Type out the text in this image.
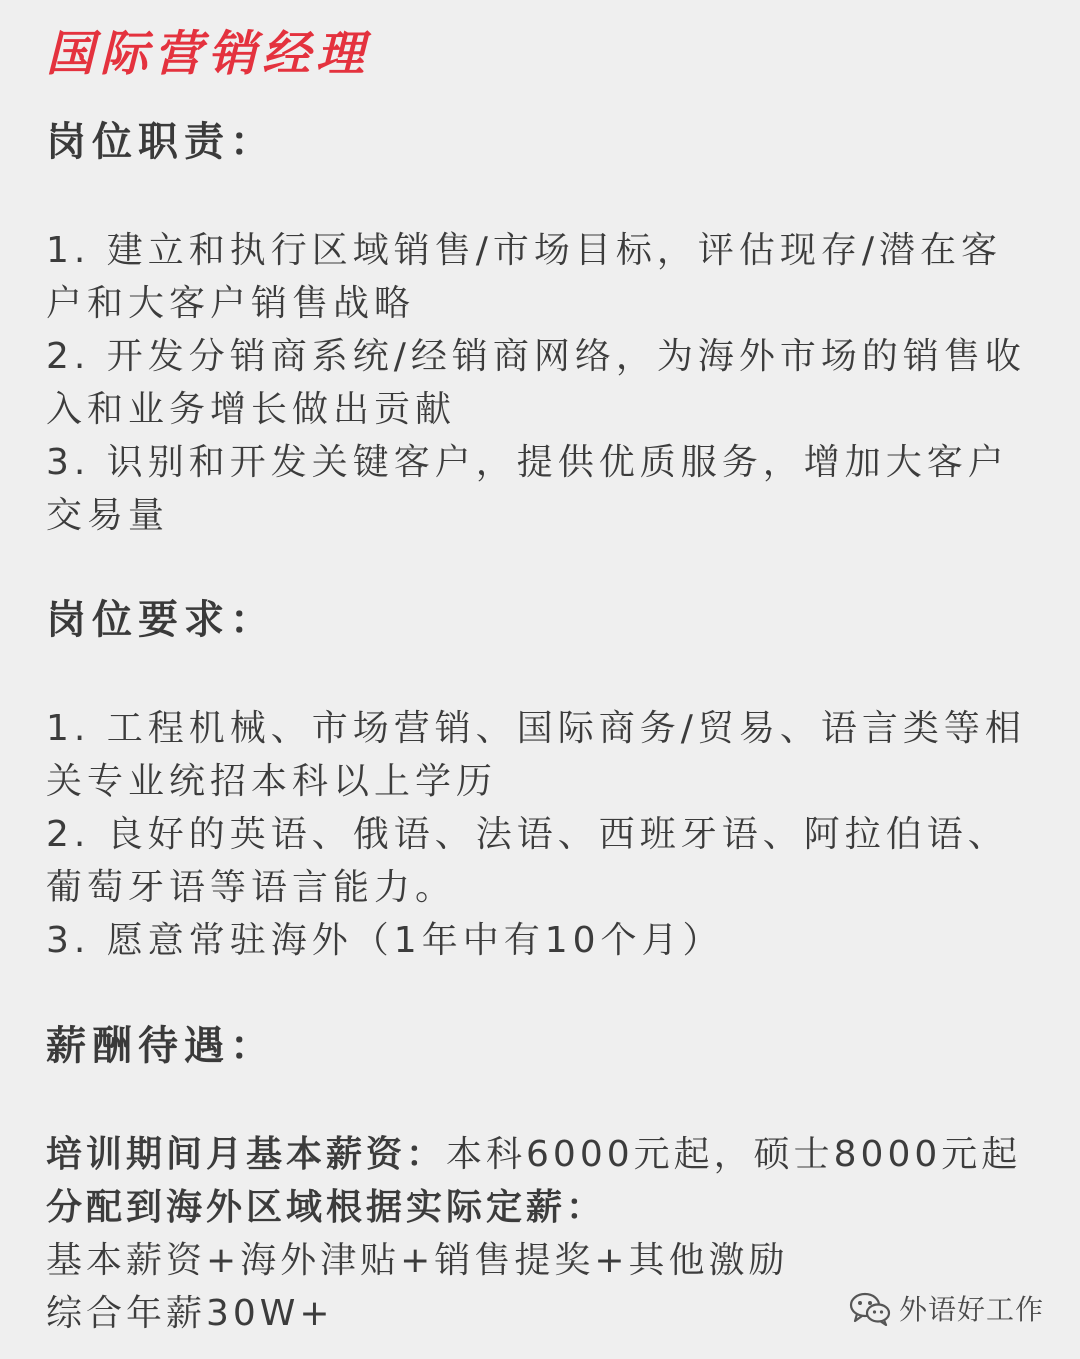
国际营销经理
岗位职责：
1. 建立和执行区域销售/市场目标，评估现存/潜在客户和大客户销售战略
2. 开发分销商系统/经销商网络，为海外市场的销售收入和业务增长做出贡献
3. 识别和开发关键客户，提供优质服务，增加大客户交易量
岗位要求：
1. 工程机械、市场营销、国际商务/贸易、语言类等相关专业统招本科以上学历
2. 良好的英语、俄语、法语、西班牙语、阿拉伯语、葡萄牙语等语言能力。
3. 愿意常驻海外（1年中有10个月）
薪酬待遇：
培训期间月基本薪资：本科6000元起，硕士8000元起
分配到海外区域根据实际定薪：
基本薪资+海外津贴+销售提奖+其他激励
综合年薪30W+	外语好工作
